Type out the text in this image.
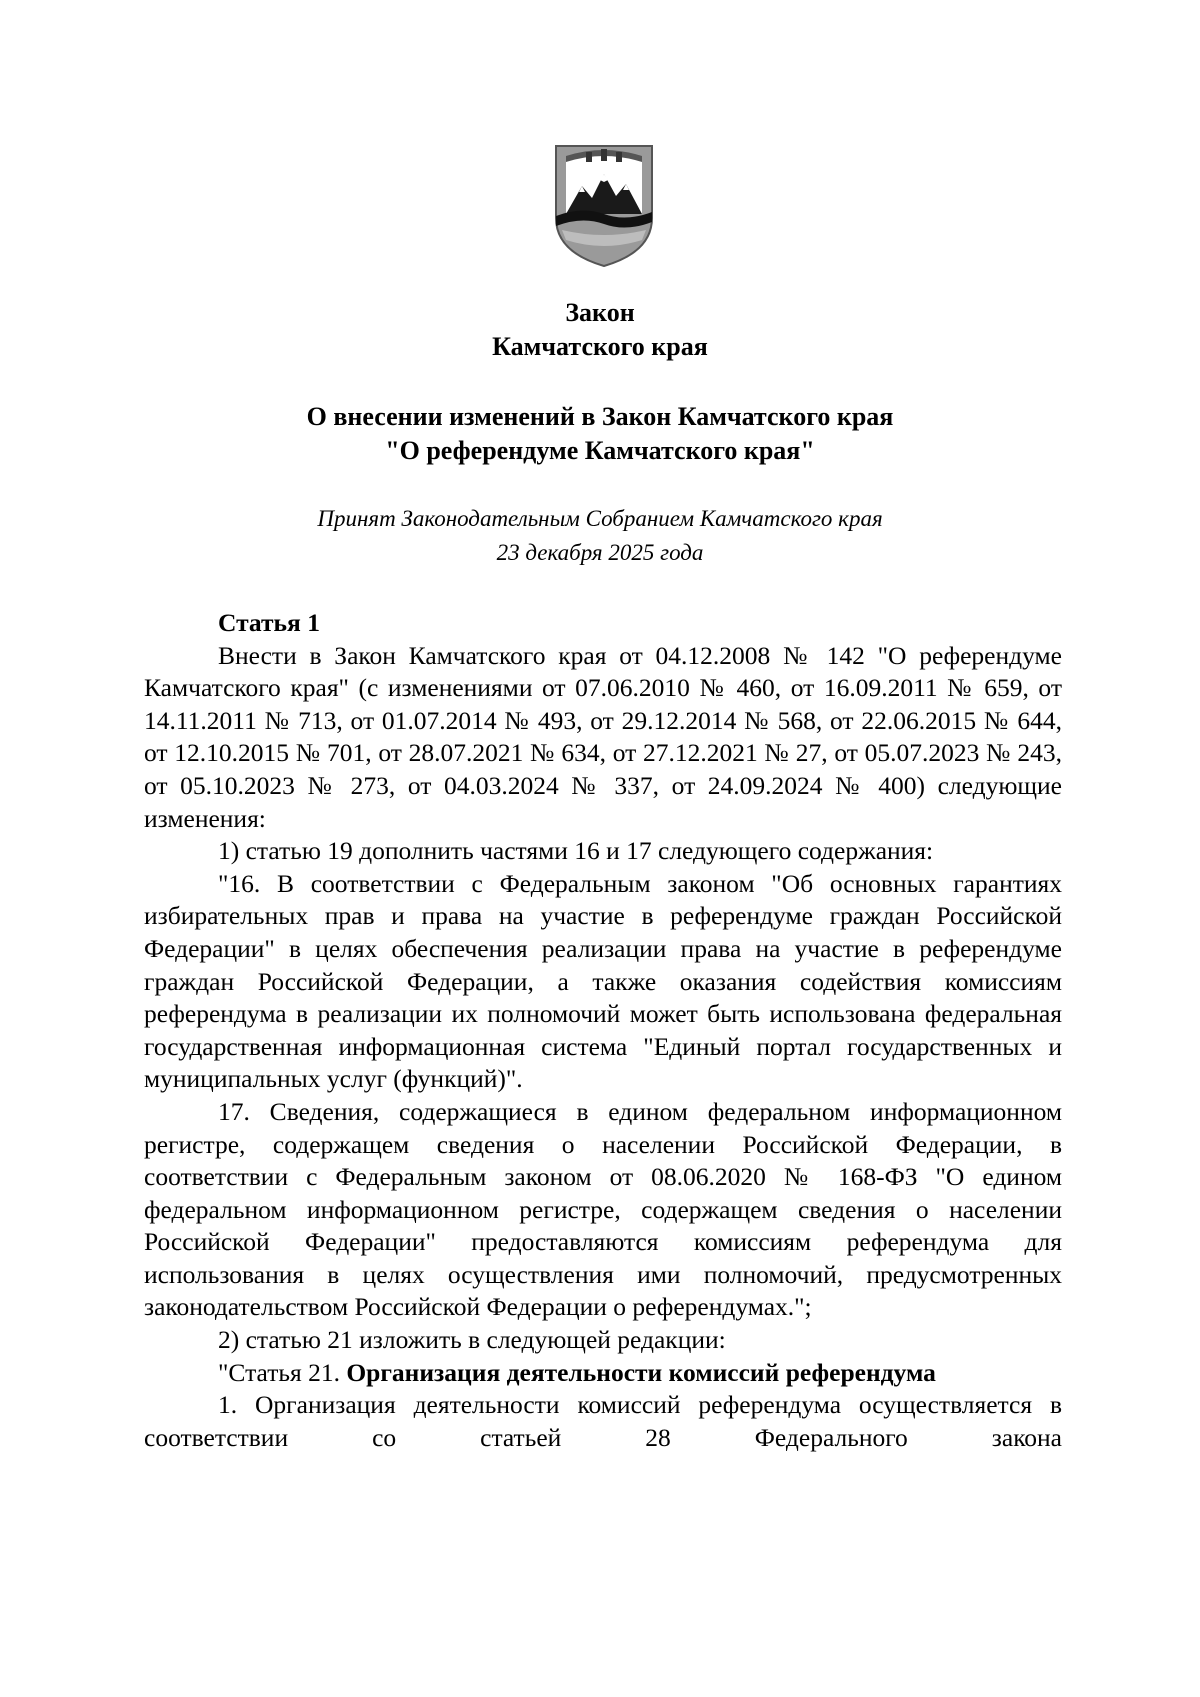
Закон
Камчатского края
О внесении изменений в Закон Камчатского края
"О референдуме Камчатского края"
Принят Законодательным Собранием Камчатского края
23 декабря 2025 года

Статья 1

Внести в Закон Камчатского края от 04.12.2008 № 142 "О референдуме Камчатского края" (с изменениями от 07.06.2010 № 460, от 16.09.2011 № 659, от 14.11.2011 № 713, от 01.07.2014 № 493, от 29.12.2014 № 568, от 22.06.2015 № 644, от 12.10.2015 № 701, от 28.07.2021 № 634, от 27.12.2021 № 27, от 05.07.2023 № 243, от 05.10.2023 № 273, от 04.03.2024 № 337, от 24.09.2024 № 400) следующие изменения:

1) статью 19 дополнить частями 16 и 17 следующего содержания:

"16. В соответствии с Федеральным законом "Об основных гарантиях избирательных прав и права на участие в референдуме граждан Российской Федерации" в целях обеспечения реализации права на участие в референдуме граждан Российской Федерации, а также оказания содействия комиссиям референдума в реализации их полномочий может быть использована федеральная государственная информационная система "Единый портал государственных и муниципальных услуг (функций)".

17. Сведения, содержащиеся в едином федеральном информационном регистре, содержащем сведения о населении Российской Федерации, в соответствии с Федеральным законом от 08.06.2020 № 168-ФЗ "О едином федеральном информационном регистре, содержащем сведения о населении Российской Федерации" предоставляются комиссиям референдума для использования в целях осуществления ими полномочий, предусмотренных законодательством Российской Федерации о референдумах.";

2) статью 21 изложить в следующей редакции:

"Статья 21. Организация деятельности комиссий референдума

1. Организация деятельности комиссий референдума осуществляется в соответствии со статьей 28 Федерального закона
